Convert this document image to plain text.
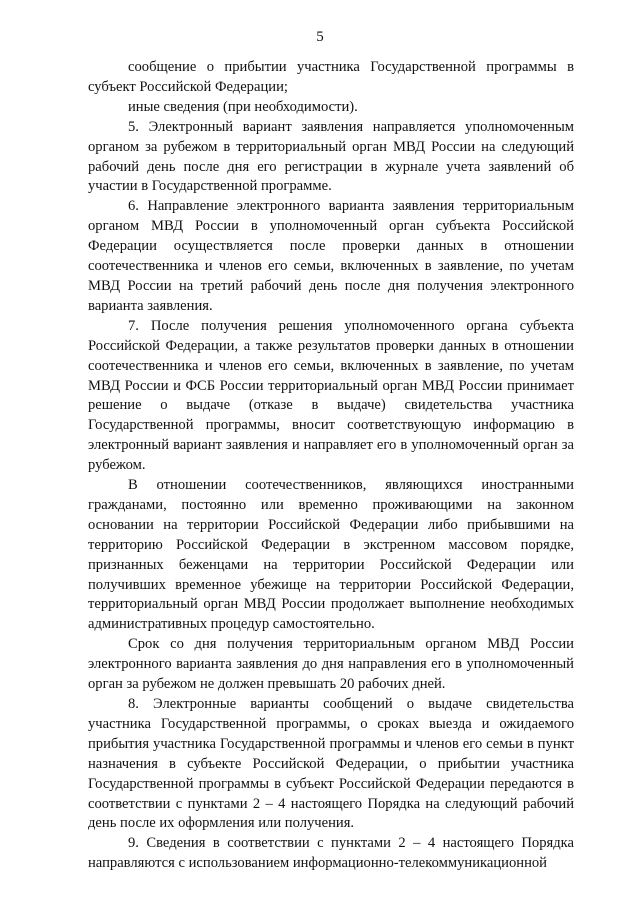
5

сообщение о прибытии участника Государственной программы в субъект Российской Федерации;

иные сведения (при необходимости).

5. Электронный вариант заявления направляется уполномоченным органом за рубежом в территориальный орган МВД России на следующий рабочий день после дня его регистрации в журнале учета заявлений об участии в Государственной программе.

6. Направление электронного варианта заявления территориальным органом МВД России в уполномоченный орган субъекта Российской Федерации осуществляется после проверки данных в отношении соотечественника и членов его семьи, включенных в заявление, по учетам МВД России на третий рабочий день после дня получения электронного варианта заявления.

7. После получения решения уполномоченного органа субъекта Российской Федерации, а также результатов проверки данных в отношении соотечественника и членов его семьи, включенных в заявление, по учетам МВД России и ФСБ России территориальный орган МВД России принимает решение о выдаче (отказе в выдаче) свидетельства участника Государственной программы, вносит соответствующую информацию в электронный вариант заявления и направляет его в уполномоченный орган за рубежом.

В отношении соотечественников, являющихся иностранными гражданами, постоянно или временно проживающими на законном основании на территории Российской Федерации либо прибывшими на территорию Российской Федерации в экстренном массовом порядке, признанных беженцами на территории Российской Федерации или получивших временное убежище на территории Российской Федерации, территориальный орган МВД России продолжает выполнение необходимых административных процедур самостоятельно.

Срок со дня получения территориальным органом МВД России электронного варианта заявления до дня направления его в уполномоченный орган за рубежом не должен превышать 20 рабочих дней.

8. Электронные варианты сообщений о выдаче свидетельства участника Государственной программы, о сроках выезда и ожидаемого прибытия участника Государственной программы и членов его семьи в пункт назначения в субъекте Российской Федерации, о прибытии участника Государственной программы в субъект Российской Федерации передаются в соответствии с пунктами 2 – 4 настоящего Порядка на следующий рабочий день после их оформления или получения.

9. Сведения в соответствии с пунктами 2 – 4 настоящего Порядка направляются с использованием информационно-телекоммуникационной
